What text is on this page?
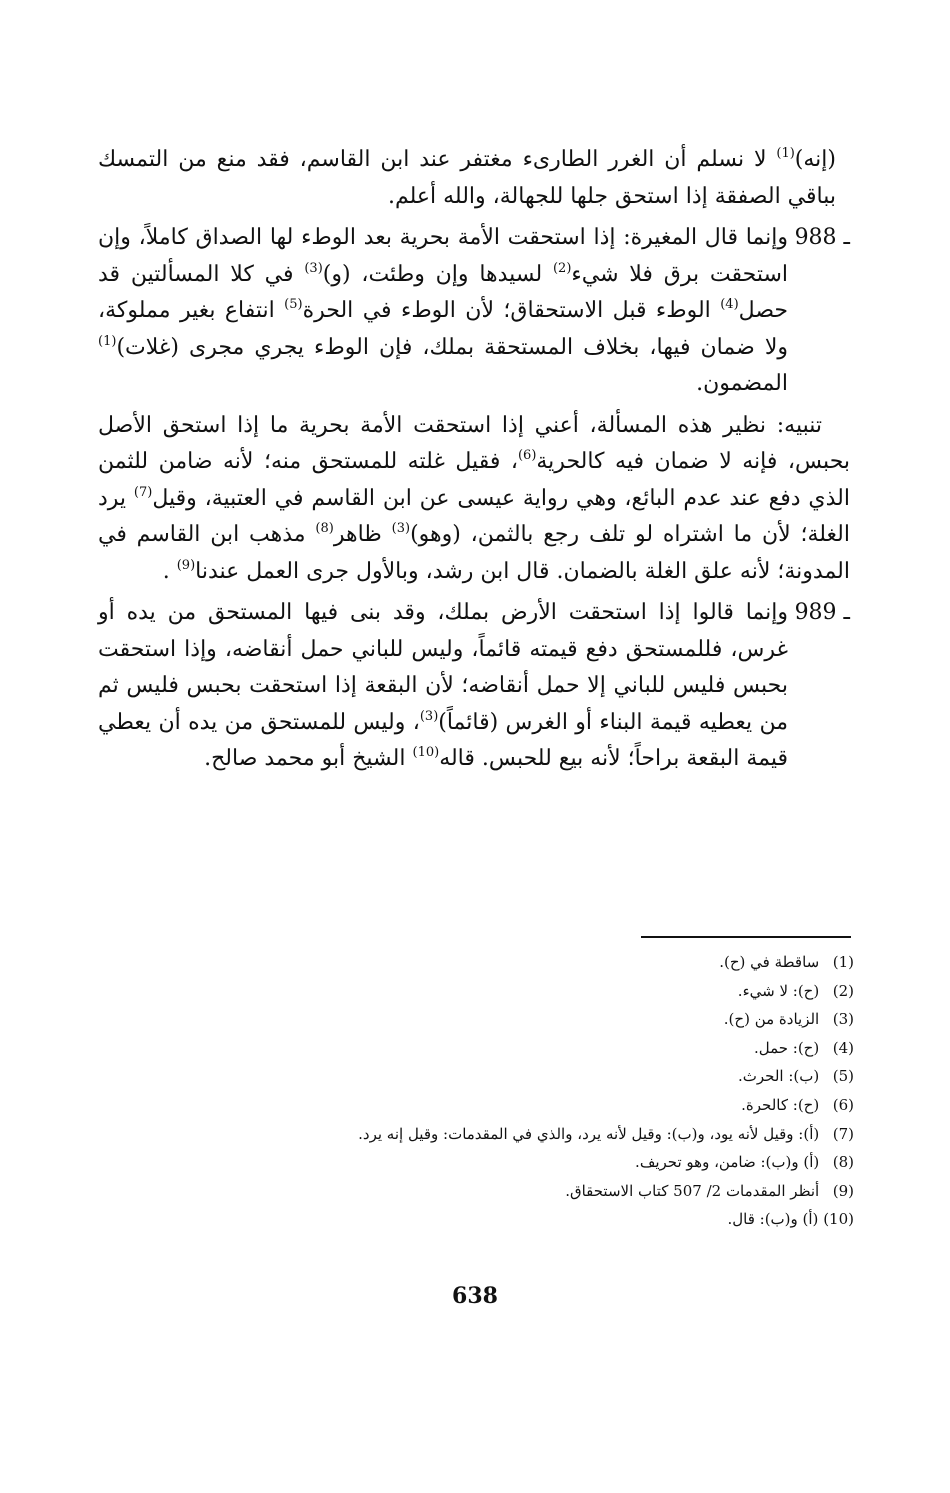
(إنه)$^{(1)}$ لا نسلم أن الغرر الطارىء مغتفر عند ابن القاسم، فقد منع من التمسك بباقي الصفقة إذا استحق جلها للجهالة، والله أعلم.

988 ـ
وإنما قال المغيرة: إذا استحقت الأمة بحرية بعد الوطء لها الصداق كاملاً، وإن استحقت برق فلا شيء$^{(2)}$ لسيدها وإن وطئت، (و)$^{(3)}$ في كلا المسألتين قد حصل$^{(4)}$ الوطء قبل الاستحقاق؛ لأن الوطء في الحرة$^{(5)}$ انتفاع بغير مملوكة، ولا ضمان فيها، بخلاف المستحقة بملك، فإن الوطء يجري مجرى (غلات)$^{(1)}$ المضمون.

تنبيه: نظير هذه المسألة، أعني إذا استحقت الأمة بحرية ما إذا استحق الأصل بحبس، فإنه لا ضمان فيه كالحرية$^{(6)}$، فقيل غلته للمستحق منه؛ لأنه ضامن للثمن الذي دفع عند عدم البائع، وهي رواية عيسى عن ابن القاسم في العتبية، وقيل$^{(7)}$ يرد الغلة؛ لأن ما اشتراه لو تلف رجع بالثمن، (وهو)$^{(3)}$ ظاهر$^{(8)}$ مذهب ابن القاسم في المدونة؛ لأنه علق الغلة بالضمان. قال ابن رشد، وبالأول جرى العمل عندنا$^{(9)}$ .

989 ـ
وإنما قالوا إذا استحقت الأرض بملك، وقد بنى فيها المستحق من يده أو غرس، فللمستحق دفع قيمته قائماً، وليس للباني حمل أنقاضه، وإذا استحقت بحبس فليس للباني إلا حمل أنقاضه؛ لأن البقعة إذا استحقت بحبس فليس ثم من يعطيه قيمة البناء أو الغرس (قائماً)$^{(3)}$، وليس للمستحق من يده أن يعطي قيمة البقعة براحاً؛ لأنه بيع للحبس. قاله$^{(10)}$ الشيخ أبو محمد صالح.
(1) ساقطة في (ح).
(2) (ح): لا شيء.
(3) الزيادة من (ح).
(4) (ح): حمل.
(5) (ب): الحرث.
(6) (ح): كالحرة.
(7) (أ): وقيل لأنه يود، و(ب): وقيل لأنه يرد، والذي في المقدمات: وقيل إنه يرد.
(8) (أ) و(ب): ضامن، وهو تحريف.
(9) أنظر المقدمات 2/ 507 كتاب الاستحقاق.
(10) (أ) و(ب): قال.
638
